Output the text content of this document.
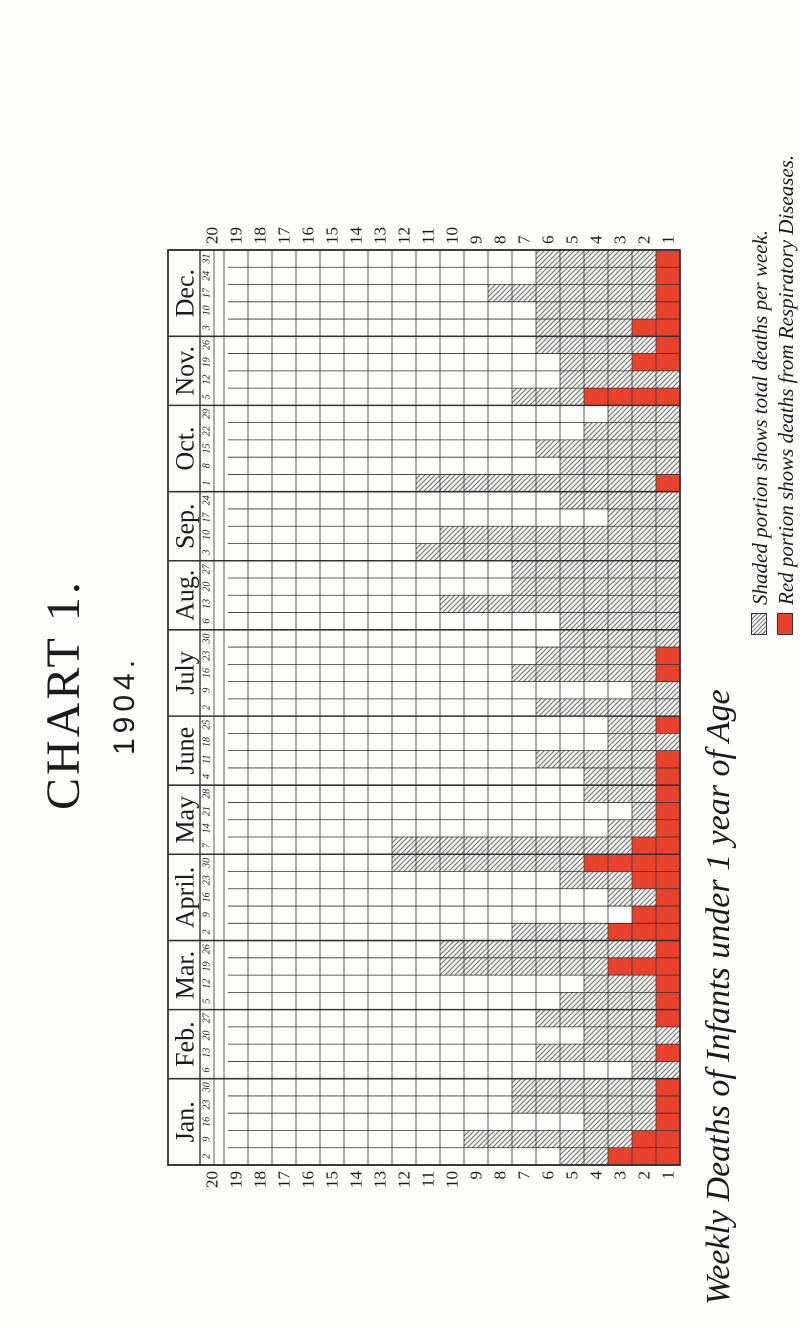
Jan.
Feb.
Mar.
April.
May
June
July
Aug.
Sep.
Oct.
Nov.
Dec.
2
9
16
23
30
6
13
20
27
5
12
19
26
2
9
16
23
30
7
14
21
28
4
11
18
25
2
9
16
23
30
6
13
20
27
3
10
17
24
1
8
15
22
29
5
12
19
26
3
10
17
24
31
20
20
19
19
18
18
17
17
16
16
15
15
14
14
13
13
12
12
11
11
10
10
9
9
8
8
7
7
6
6
5
5
4
4
3
3
2
2
1
1
CHART 1. 1904.	Weekly Deaths of Infants under 1 year of Age
Shaded portion shows total deaths per week. Red portion shows deaths from Respiratory Diseases.
